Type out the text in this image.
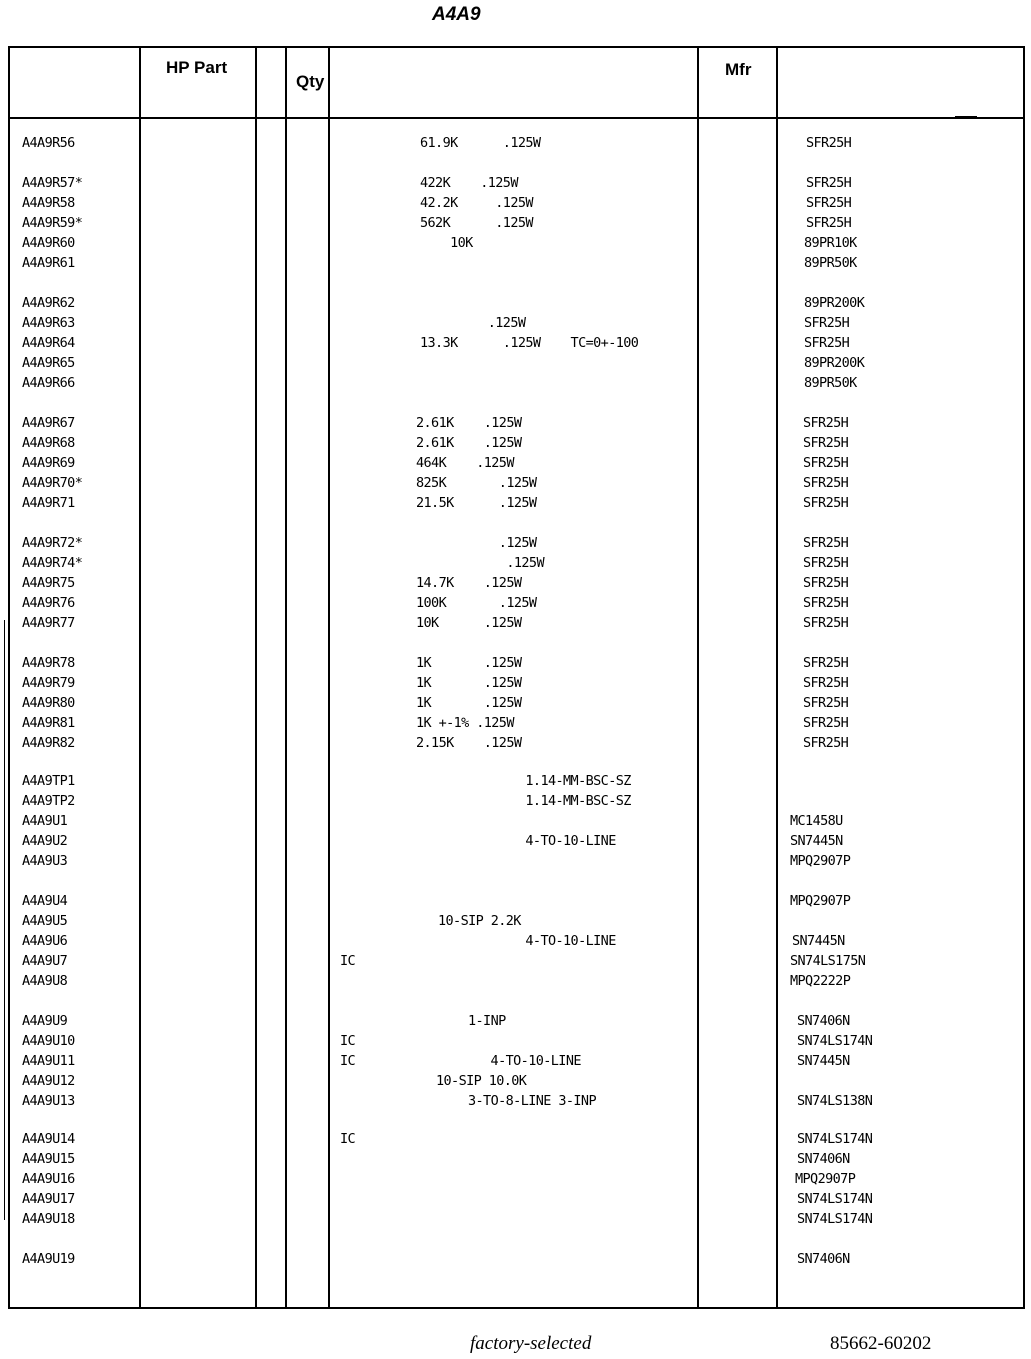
A4A9
HP Part
Qty
Mfr
A4A9R56	61.9K      .125W	SFR25H
A4A9R57*	422K    .125W	SFR25H
A4A9R58	42.2K     .125W	SFR25H
A4A9R59*	562K      .125W	SFR25H
A4A9R60	10K	89PR10K
A4A9R61	89PR50K
A4A9R62	89PR200K
A4A9R63	.125W	SFR25H
A4A9R64	13.3K      .125W    TC=0+-100	SFR25H
A4A9R65	89PR200K
A4A9R66	89PR50K
A4A9R67	2.61K    .125W	SFR25H
A4A9R68	2.61K    .125W	SFR25H
A4A9R69	464K    .125W	SFR25H
A4A9R70*	825K       .125W	SFR25H
A4A9R71	21.5K      .125W	SFR25H
A4A9R72*	.125W	SFR25H
A4A9R74*	.125W	SFR25H
A4A9R75	14.7K    .125W	SFR25H
A4A9R76	100K       .125W	SFR25H
A4A9R77	10K      .125W	SFR25H
A4A9R78	1K       .125W	SFR25H
A4A9R79	1K       .125W	SFR25H
A4A9R80	1K       .125W	SFR25H
A4A9R81	1K +-1% .125W	SFR25H
A4A9R82	2.15K    .125W	SFR25H
A4A9TP1	1.14-MM-BSC-SZ
A4A9TP2	1.14-MM-BSC-SZ
A4A9U1	MC1458U
A4A9U2	4-TO-10-LINE	SN7445N
A4A9U3	MPQ2907P
A4A9U4	MPQ2907P
A4A9U5	10-SIP 2.2K
A4A9U6	4-TO-10-LINE	SN7445N
A4A9U7	IC	SN74LS175N
A4A9U8	MPQ2222P
A4A9U9	1-INP	SN7406N
A4A9U10	IC	SN74LS174N
A4A9U11	IC                  4-TO-10-LINE	SN7445N
A4A9U12	10-SIP 10.0K
A4A9U13	3-TO-8-LINE 3-INP	SN74LS138N
A4A9U14	IC	SN74LS174N
A4A9U15	SN7406N
A4A9U16	MPQ2907P
A4A9U17	SN74LS174N
A4A9U18	SN74LS174N
A4A9U19	SN7406N
factory-selected	85662-60202
